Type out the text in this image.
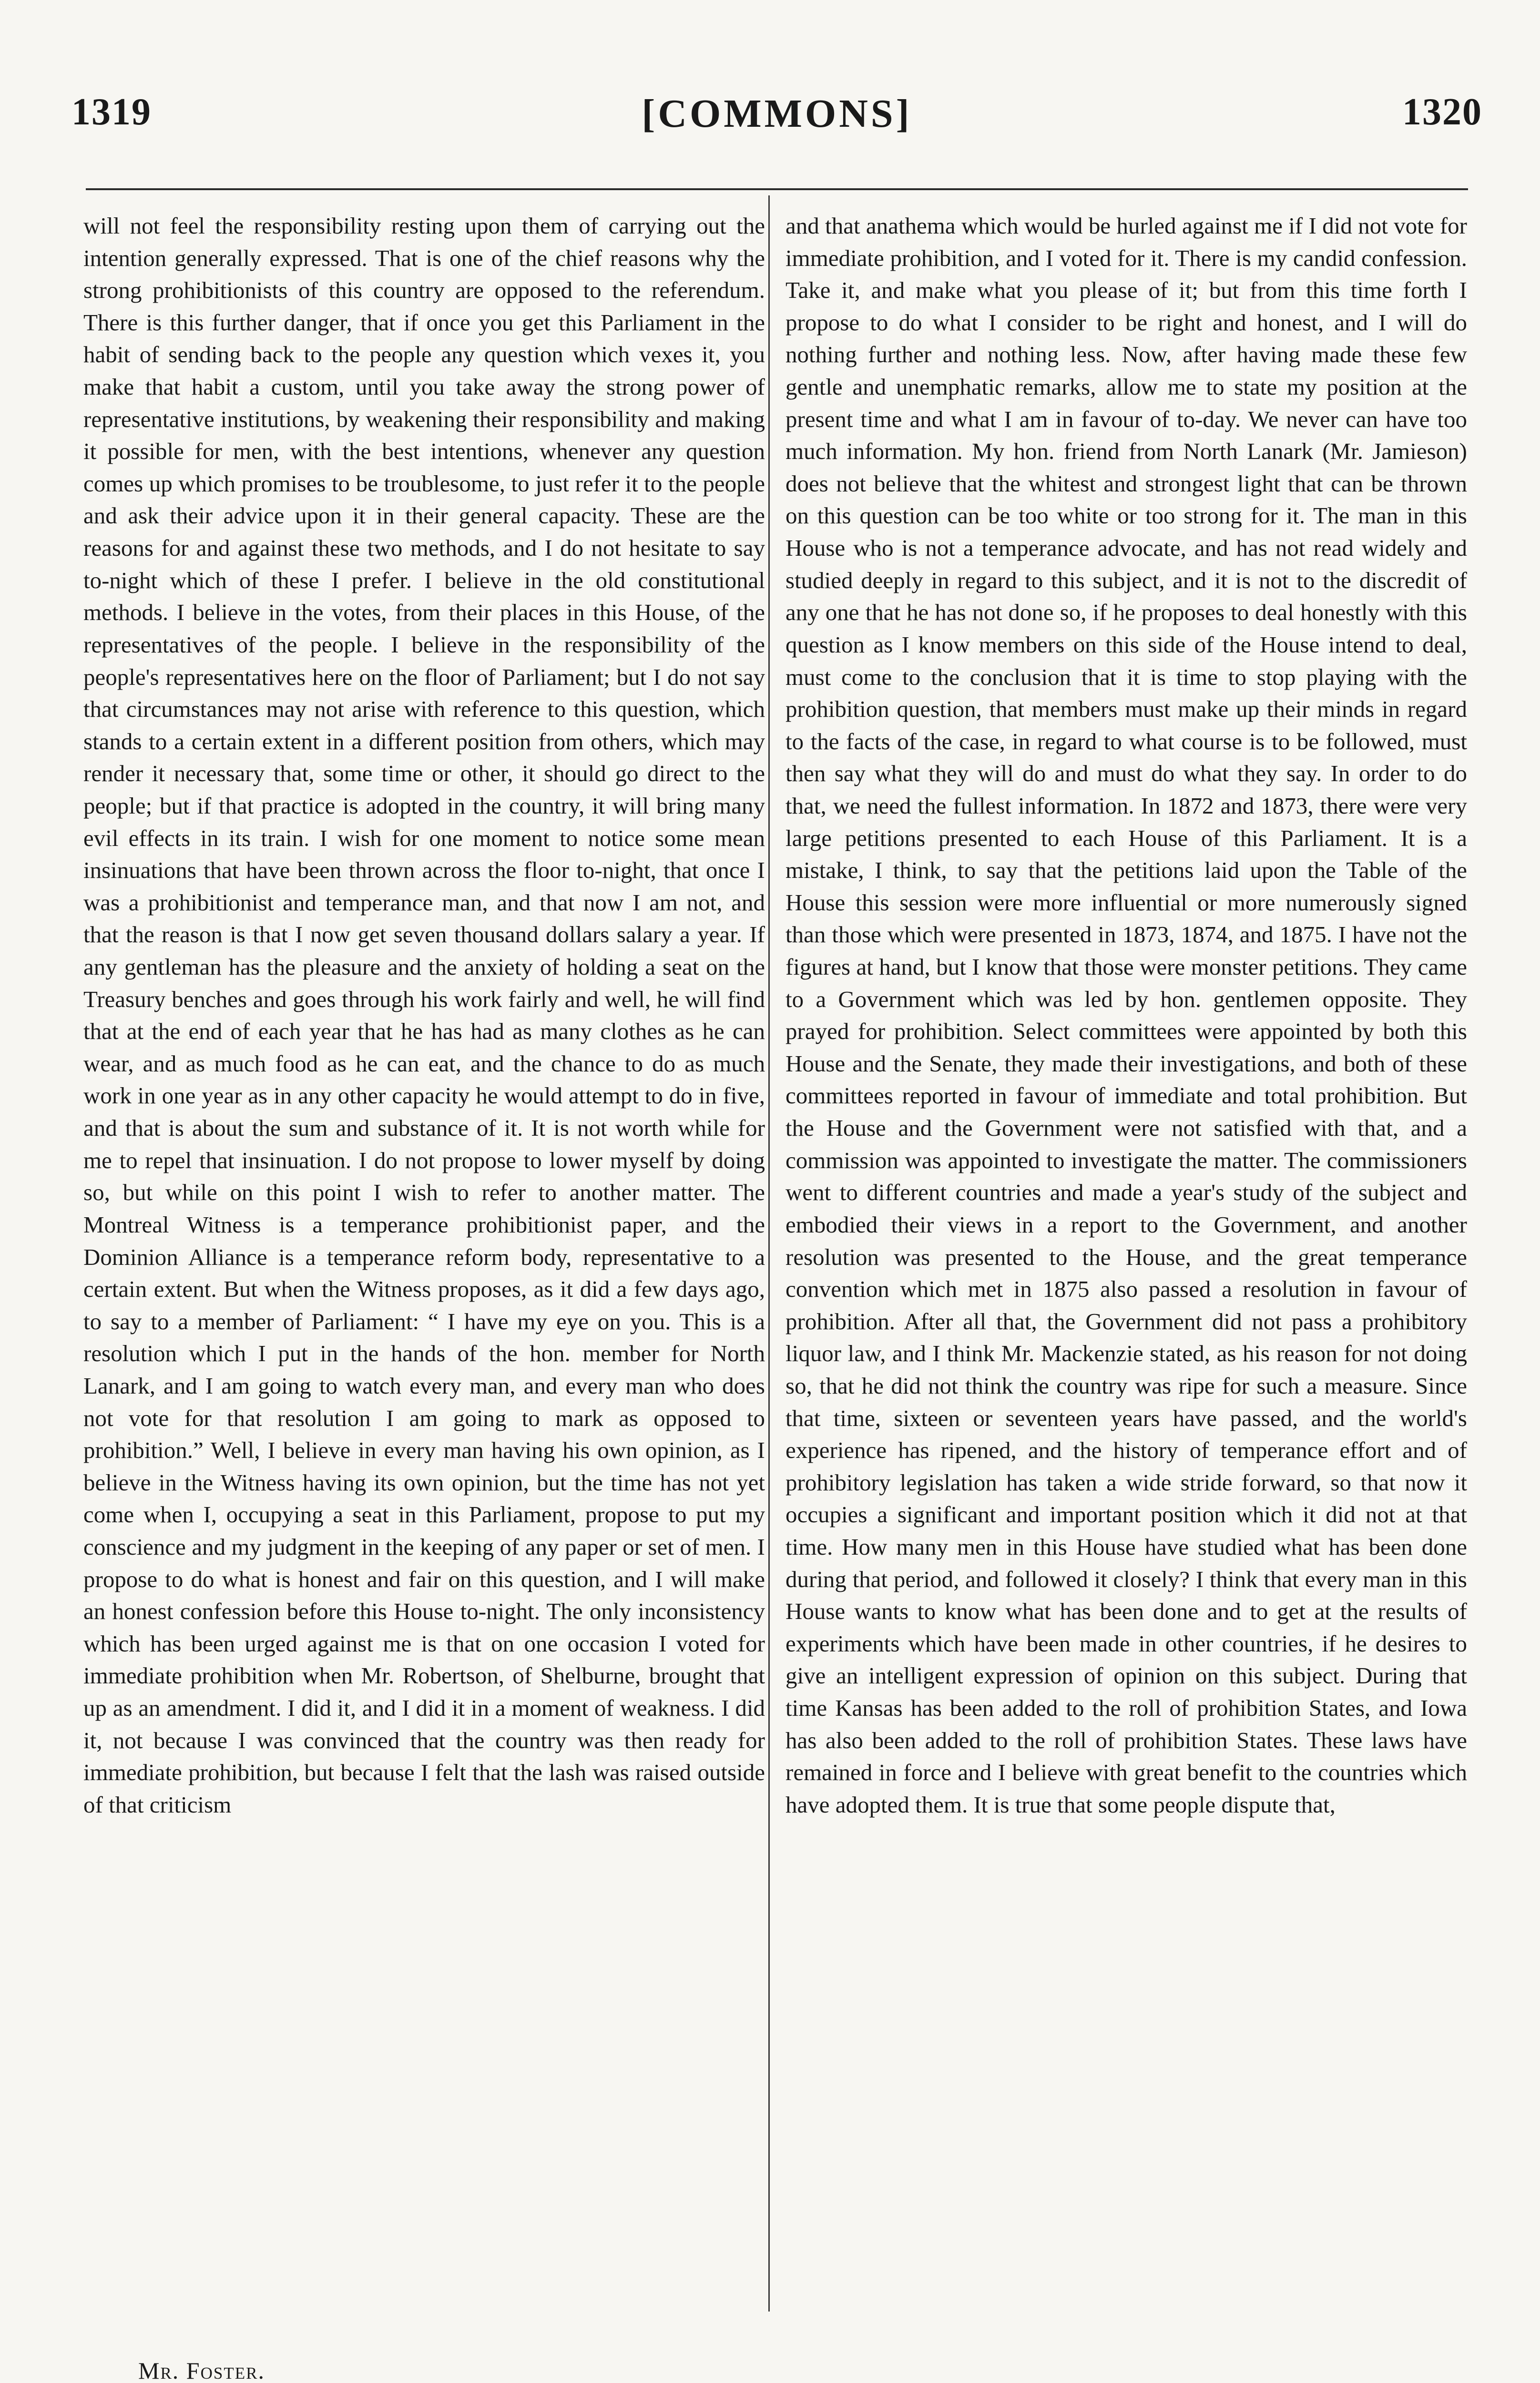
1319	[COMMONS]	1320

will not feel the responsibility resting upon them of carrying out the intention generally expressed. That is one of the chief reasons why the strong prohibitionists of this country are opposed to the referendum. There is this further danger, that if once you get this Parliament in the habit of sending back to the people any question which vexes it, you make that habit a custom, until you take away the strong power of representative institutions, by weakening their responsibility and making it possible for men, with the best intentions, whenever any question comes up which promises to be troublesome, to just refer it to the people and ask their advice upon it in their general capacity. These are the reasons for and against these two methods, and I do not hesitate to say to-night which of these I prefer. I believe in the old constitutional methods. I believe in the votes, from their places in this House, of the representatives of the people. I believe in the responsibility of the people's representatives here on the floor of Parliament; but I do not say that circumstances may not arise with reference to this question, which stands to a certain extent in a different position from others, which may render it necessary that, some time or other, it should go direct to the people; but if that practice is adopted in the country, it will bring many evil effects in its train. I wish for one moment to notice some mean insinuations that have been thrown across the floor to-night, that once I was a prohibitionist and temperance man, and that now I am not, and that the reason is that I now get seven thousand dollars salary a year. If any gentleman has the pleasure and the anxiety of holding a seat on the Treasury benches and goes through his work fairly and well, he will find that at the end of each year that he has had as many clothes as he can wear, and as much food as he can eat, and the chance to do as much work in one year as in any other capacity he would attempt to do in five, and that is about the sum and substance of it. It is not worth while for me to repel that insinuation. I do not propose to lower myself by doing so, but while on this point I wish to refer to another matter. The Montreal Witness is a temperance prohibitionist paper, and the Dominion Alliance is a temperance reform body, representative to a certain extent. But when the Witness proposes, as it did a few days ago, to say to a member of Parliament: “ I have my eye on you. This is a resolution which I put in the hands of the hon. member for North Lanark, and I am going to watch every man, and every man who does not vote for that resolution I am going to mark as opposed to prohibition.” Well, I believe in every man having his own opinion, as I believe in the Witness having its own opinion, but the time has not yet come when I, occupying a seat in this Parliament, propose to put my conscience and my judgment in the keeping of any paper or set of men. I propose to do what is honest and fair on this question, and I will make an honest confession before this House to-night. The only inconsistency which has been urged against me is that on one occasion I voted for immediate prohibition when Mr. Robertson, of Shelburne, brought that up as an amendment. I did it, and I did it in a moment of weakness. I did it, not because I was convinced that the country was then ready for immediate prohibition, but because I felt that the lash was raised outside of that criticism

and that anathema which would be hurled against me if I did not vote for immediate prohibition, and I voted for it. There is my candid confession. Take it, and make what you please of it; but from this time forth I propose to do what I consider to be right and honest, and I will do nothing further and nothing less. Now, after having made these few gentle and unemphatic remarks, allow me to state my position at the present time and what I am in favour of to-day. We never can have too much information. My hon. friend from North Lanark (Mr. Jamieson) does not believe that the whitest and strongest light that can be thrown on this question can be too white or too strong for it. The man in this House who is not a temperance advocate, and has not read widely and studied deeply in regard to this subject, and it is not to the discredit of any one that he has not done so, if he proposes to deal honestly with this question as I know members on this side of the House intend to deal, must come to the conclusion that it is time to stop playing with the prohibition question, that members must make up their minds in regard to the facts of the case, in regard to what course is to be followed, must then say what they will do and must do what they say. In order to do that, we need the fullest information. In 1872 and 1873, there were very large petitions presented to each House of this Parliament. It is a mistake, I think, to say that the petitions laid upon the Table of the House this session were more influential or more numerously signed than those which were presented in 1873, 1874, and 1875. I have not the figures at hand, but I know that those were monster petitions. They came to a Government which was led by hon. gentlemen opposite. They prayed for prohibition. Select committees were appointed by both this House and the Senate, they made their investigations, and both of these committees reported in favour of immediate and total prohibition. But the House and the Government were not satisfied with that, and a commission was appointed to investigate the matter. The commissioners went to different countries and made a year's study of the subject and embodied their views in a report to the Government, and another resolution was presented to the House, and the great temperance convention which met in 1875 also passed a resolution in favour of prohibition. After all that, the Government did not pass a prohibitory liquor law, and I think Mr. Mackenzie stated, as his reason for not doing so, that he did not think the country was ripe for such a measure. Since that time, sixteen or seventeen years have passed, and the world's experience has ripened, and the history of temperance effort and of prohibitory legislation has taken a wide stride forward, so that now it occupies a significant and important position which it did not at that time. How many men in this House have studied what has been done during that period, and followed it closely? I think that every man in this House wants to know what has been done and to get at the results of experiments which have been made in other countries, if he desires to give an intelligent expression of opinion on this subject. During that time Kansas has been added to the roll of prohibition States, and Iowa has also been added to the roll of prohibition States. These laws have remained in force and I believe with great benefit to the countries which have adopted them. It is true that some people dispute that,

Mr. Foster.
